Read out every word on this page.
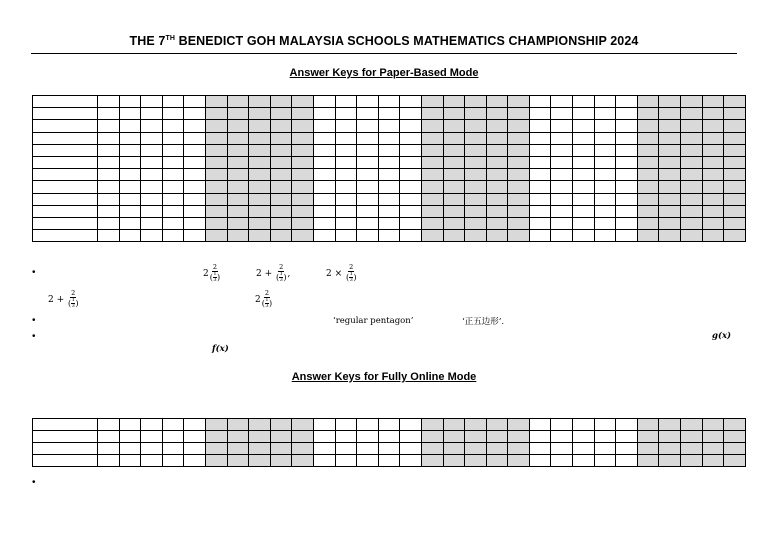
THE 7TH BENEDICT GOH MALAYSIA SCHOOLS MATHEMATICS CHAMPIONSHIP 2024
Answer Keys for Paper-Based Mode

•	2 2
( 1
3 )	2
+
2
( 1
3 ) ,	2
×
2
( 1
3 )
2
+
2
( 1
3 )	2 2
( 1
3 )
•	‘regular pentagon’	‘正五边形’.
•	g(x)
f(x)
Answer Keys for Fully Online Mode

•
